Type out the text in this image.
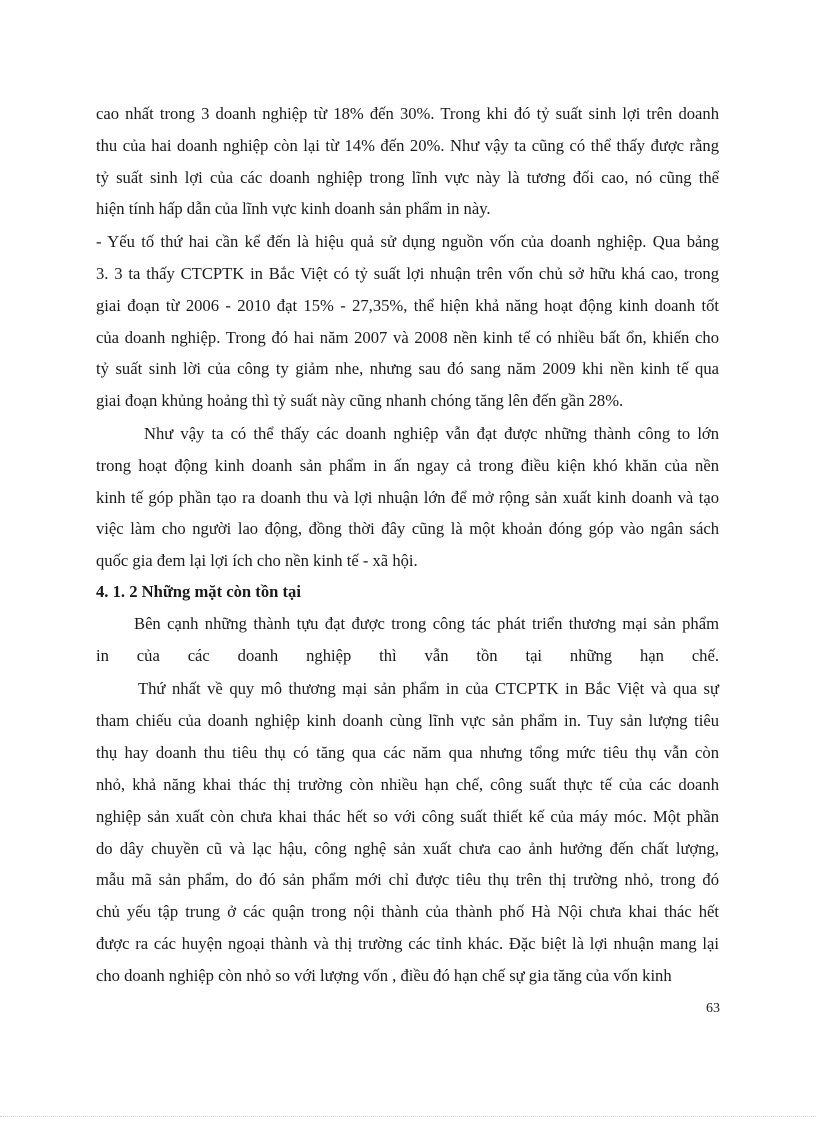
cao nhất trong 3 doanh nghiệp từ 18% đến 30%. Trong khi đó tỷ suất sinh lợi trên doanh
thu của hai doanh nghiệp còn lại từ 14% đến 20%. Như vậy ta cũng có thể thấy được rằng
tỷ suất sinh lợi của các doanh nghiệp trong lĩnh vực này là tương đối cao, nó cũng thể
hiện tính hấp dẫn của lĩnh vực kinh doanh sản phẩm in này.
- Yếu tố thứ hai cần kể đến là hiệu quả sử dụng nguồn vốn của doanh nghiệp. Qua bảng
3. 3 ta thấy CTCPTK in Bắc Việt có tỷ suất lợi nhuận trên vốn chủ sở hữu khá cao, trong
giai đoạn từ 2006 - 2010 đạt 15% - 27,35%, thể hiện khả năng hoạt động kinh doanh tốt
của doanh nghiệp. Trong đó hai năm 2007 và 2008 nền kinh tế có nhiều bất ổn, khiến cho
tỷ suất sinh lời của công ty giảm nhe, nhưng sau đó sang năm 2009 khi nền kinh tế qua
giai đoạn khủng hoảng thì tỷ suất này cũng nhanh chóng tăng lên đến gần 28%.
Như vậy ta có thể thấy các doanh nghiệp vẫn đạt được những thành công to lớn
trong hoạt động kinh doanh sản phẩm in ấn ngay cả trong điều kiện khó khăn của nền
kinh tế góp phần tạo ra doanh thu và lợi nhuận lớn để mở rộng sản xuất kinh doanh và tạo
việc làm cho người lao động, đồng thời đây cũng là một khoản đóng góp vào ngân sách
quốc gia đem lại lợi ích cho nền kinh tế - xã hội.
4. 1. 2 Những mặt còn tồn tại
Bên cạnh những thành tựu đạt được trong công tác phát triển thương mại sản phẩm
in của các doanh nghiệp thì vẫn tồn tại những hạn chế.
Thứ nhất về quy mô thương mại sản phẩm in của CTCPTK in Bắc Việt và qua sự
tham chiếu của doanh nghiệp kinh doanh cùng lĩnh vực sản phẩm in. Tuy sản lượng tiêu
thụ hay doanh thu tiêu thụ có tăng qua các năm qua nhưng tổng mức tiêu thụ vẫn còn
nhỏ, khả năng khai thác thị trường còn nhiều hạn chế, công suất thực tế của các doanh
nghiệp sản xuất còn chưa khai thác hết so với công suất thiết kế của máy móc. Một phần
do dây chuyền cũ và lạc hậu, công nghệ sản xuất chưa cao ảnh hưởng đến chất lượng,
mẫu mã sản phẩm, do đó sản phẩm mới chỉ được tiêu thụ trên thị trường nhỏ, trong đó
chủ yếu tập trung ở các quận trong nội thành của thành phố Hà Nội chưa khai thác hết
được ra các huyện ngoại thành và thị trường các tỉnh khác. Đặc biệt là lợi nhuận mang lại
cho doanh nghiệp còn nhỏ so với lượng vốn , điều đó hạn chế sự gia tăng của vốn kinh
63
